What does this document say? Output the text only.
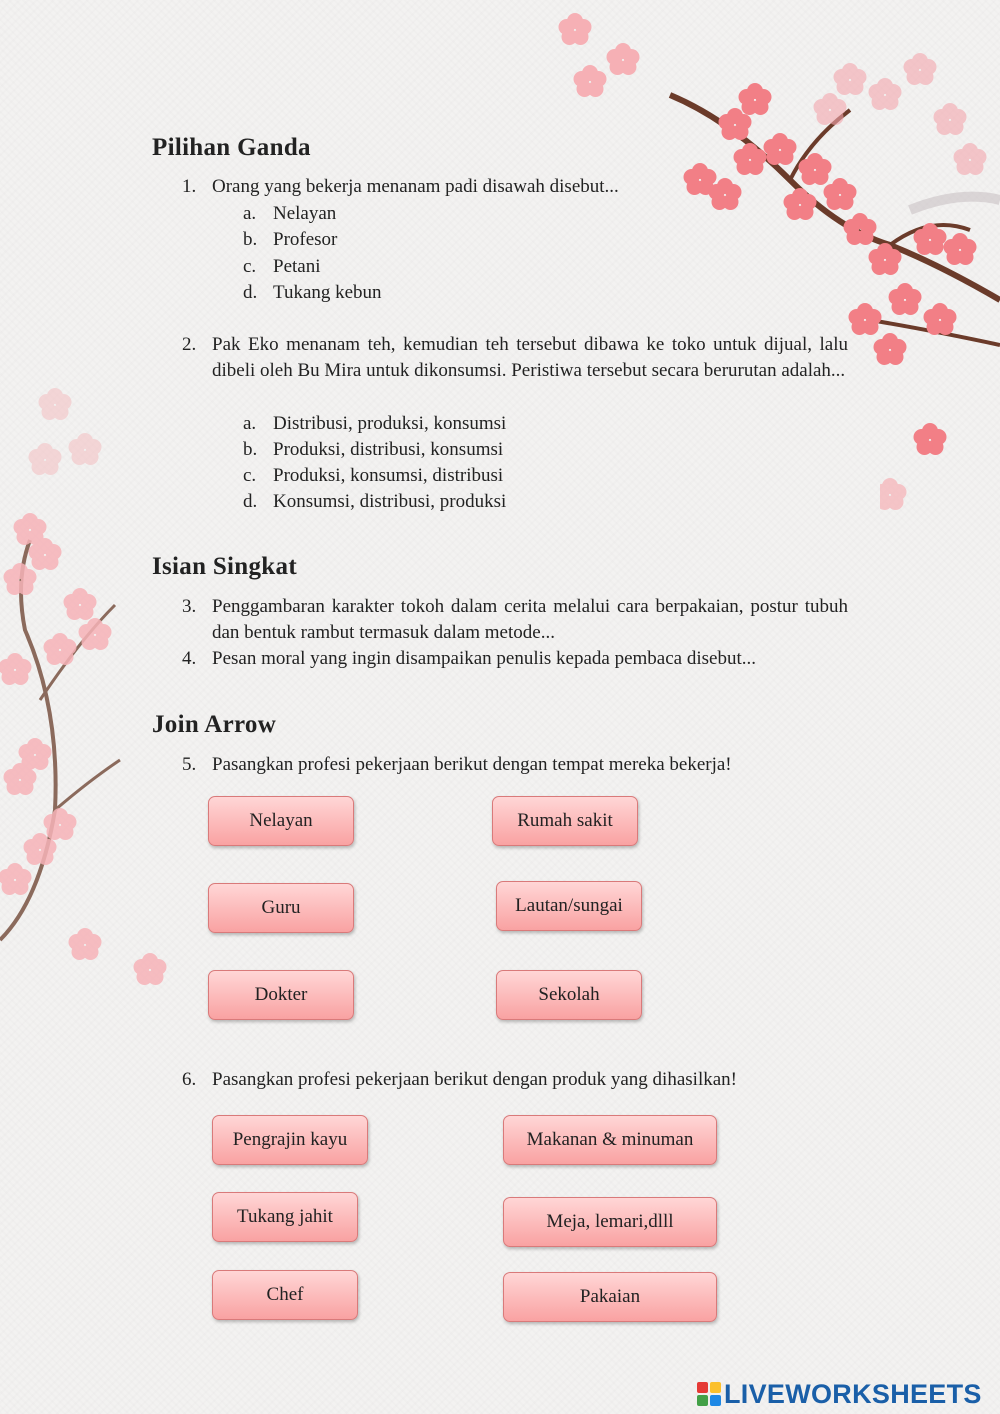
Pilihan Ganda
1. Orang yang bekerja menanam padi disawah disebut...
a. Nelayan
b. Profesor
c. Petani
d. Tukang kebun
2. Pak Eko menanam teh, kemudian teh tersebut dibawa ke toko untuk dijual, lalu dibeli oleh Bu Mira untuk dikonsumsi. Peristiwa tersebut secara berurutan adalah...
a. Distribusi, produksi, konsumsi
b. Produksi, distribusi, konsumsi
c. Produksi, konsumsi, distribusi
d. Konsumsi, distribusi, produksi
Isian Singkat
3. Penggambaran karakter tokoh dalam cerita melalui cara berpakaian, postur tubuh dan bentuk rambut termasuk dalam metode...
4. Pesan moral yang ingin disampaikan penulis kepada pembaca disebut...
Join Arrow
5. Pasangkan profesi pekerjaan berikut dengan tempat mereka bekerja!
Nelayan
Guru
Dokter
Rumah sakit
Lautan/sungai
Sekolah
6. Pasangkan profesi pekerjaan berikut dengan produk yang dihasilkan!
Pengrajin kayu
Tukang jahit
Chef
Makanan & minuman
Meja, lemari,dlll
Pakaian
LIVEWORKSHEETS
